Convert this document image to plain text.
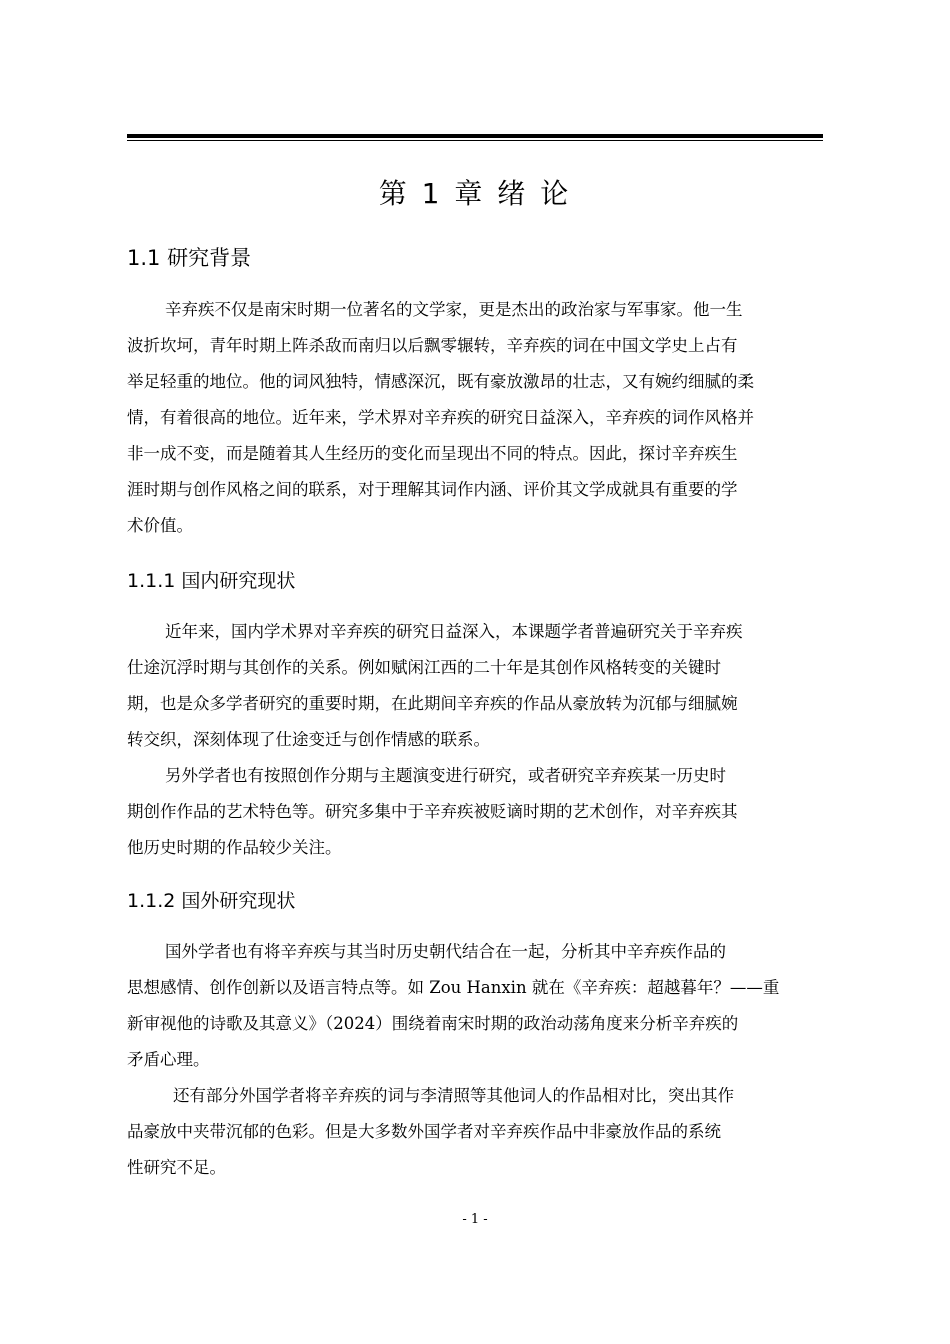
第 1 章 绪 论
1.1 研究背景
辛弃疾不仅是南宋时期一位著名的文学家，更是杰出的政治家与军事家。他一生
波折坎坷，青年时期上阵杀敌而南归以后飘零辗转，辛弃疾的词在中国文学史上占有
举足轻重的地位。他的词风独特，情感深沉，既有豪放激昂的壮志，又有婉约细腻的柔
情，有着很高的地位。近年来，学术界对辛弃疾的研究日益深入，辛弃疾的词作风格并
非一成不变，而是随着其人生经历的变化而呈现出不同的特点。因此，探讨辛弃疾生
涯时期与创作风格之间的联系，对于理解其词作内涵、评价其文学成就具有重要的学
术价值。
1.1.1 国内研究现状
近年来，国内学术界对辛弃疾的研究日益深入，本课题学者普遍研究关于辛弃疾
仕途沉浮时期与其创作的关系。例如赋闲江西的二十年是其创作风格转变的关键时
期，也是众多学者研究的重要时期，在此期间辛弃疾的作品从豪放转为沉郁与细腻婉
转交织，深刻体现了仕途变迁与创作情感的联系。
另外学者也有按照创作分期与主题演变进行研究，或者研究辛弃疾某一历史时
期创作作品的艺术特色等。研究多集中于辛弃疾被贬谪时期的艺术创作，对辛弃疾其
他历史时期的作品较少关注。
1.1.2 国外研究现状
国外学者也有将辛弃疾与其当时历史朝代结合在一起，分析其中辛弃疾作品的
思想感情、创作创新以及语言特点等。如 Zou Hanxin 就在《辛弃疾：超越暮年？——重
新审视他的诗歌及其意义》（2024）围绕着南宋时期的政治动荡角度来分析辛弃疾的
矛盾心理。
还有部分外国学者将辛弃疾的词与李清照等其他词人的作品相对比，突出其作
品豪放中夹带沉郁的色彩。但是大多数外国学者对辛弃疾作品中非豪放作品的系统
性研究不足。
- 1 -
